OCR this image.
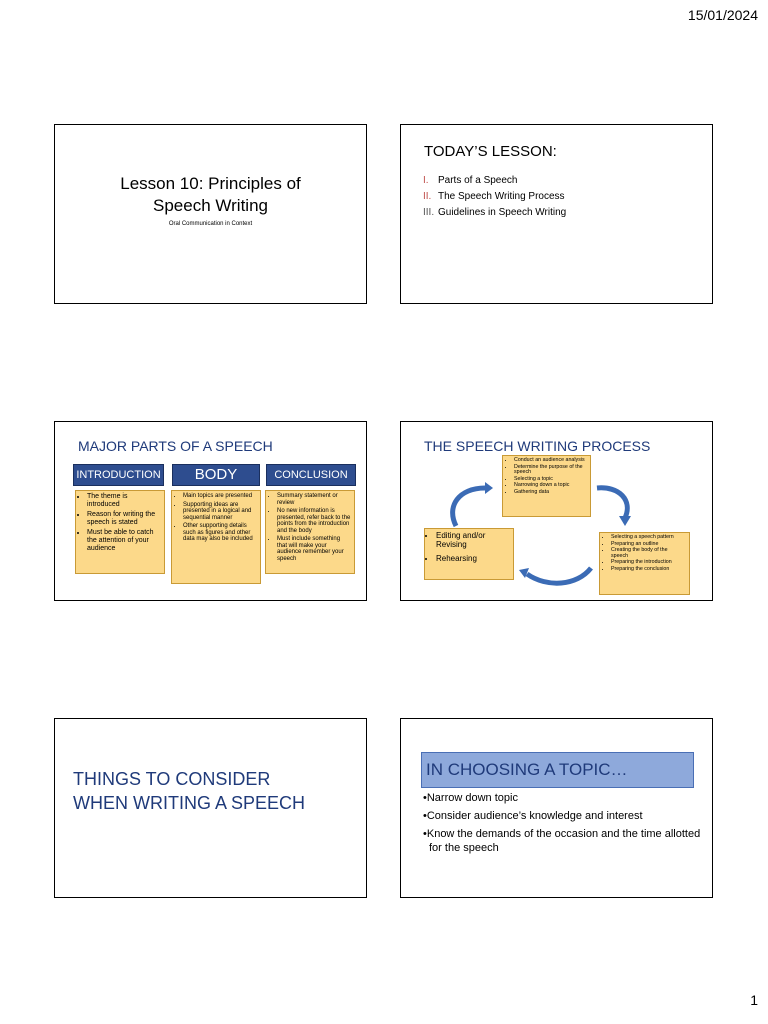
15/01/2024
Lesson 10: Principles of
Speech Writing
Oral Communication in Context
TODAY’S LESSON:
I. Parts of a Speech
II. The Speech Writing Process
III. Guidelines in Speech Writing
MAJOR PARTS OF A SPEECH
INTRODUCTION	BODY	CONCLUSION
• The theme is introduced
• Reason for writing the speech is stated
• Must be able to catch the attention of your audience
• Main topics are presented
• Supporting ideas are presented in a logical and sequential manner
• Other supporting details such as figures and other data may also be included
• Summary statement or review
• No new information is presented, refer back to the points from the introduction and the body
• Must include something that will make your audience remember your speech
THE SPEECH WRITING PROCESS
• Conduct an audience analysis
• Determine the purpose of the speech
• Selecting a topic
• Narrowing down a topic
• Gathering data
• Selecting a speech pattern
• Preparing an outline
• Creating the body of the speech
• Preparing the introduction
• Preparing the conclusion
• Editing and/or Revising
• Rehearsing
THINGS TO CONSIDER
WHEN WRITING A SPEECH
IN CHOOSING A TOPIC…
• Narrow down topic
• Consider audience’s knowledge and interest
• Know the demands of the occasion and the time allotted for the speech
1
